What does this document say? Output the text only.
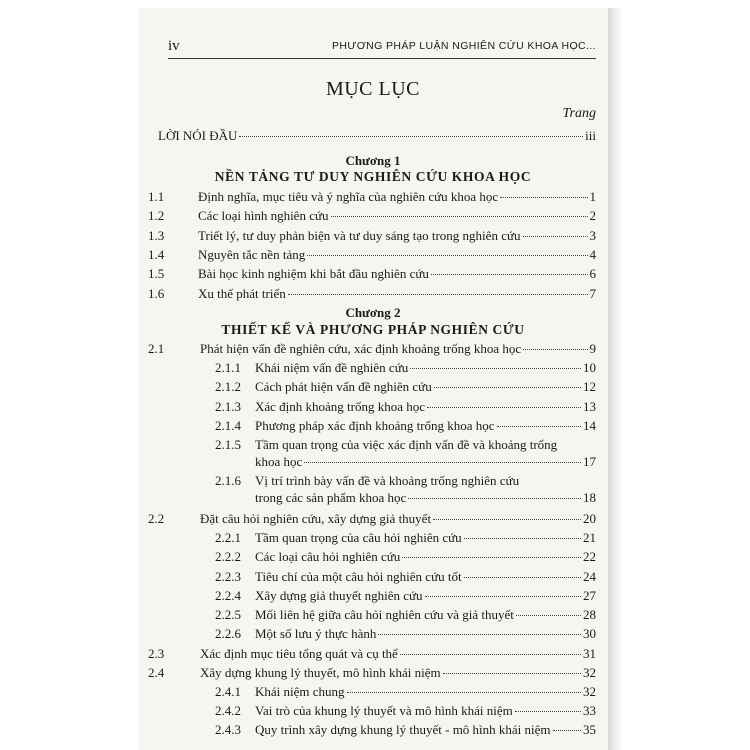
iv	PHƯƠNG PHÁP LUẬN NGHIÊN CỨU KHOA HỌC...
MỤC LỤC
Trang
LỜI NÓI ĐẦU	iii
Chương 1
NỀN TẢNG TƯ DUY NGHIÊN CỨU KHOA HỌC
1.1	Định nghĩa, mục tiêu và ý nghĩa của nghiên cứu khoa học	1
1.2	Các loại hình nghiên cứu	2
1.3	Triết lý, tư duy phản biện và tư duy sáng tạo trong nghiên cứu	3
1.4	Nguyên tắc nền tảng	4
1.5	Bài học kinh nghiệm khi bắt đầu nghiên cứu	6
1.6	Xu thế phát triển	7
Chương 2
THIẾT KẾ VÀ PHƯƠNG PHÁP NGHIÊN CỨU
2.1	Phát hiện vấn đề nghiên cứu, xác định khoảng trống khoa học	9
2.1.1 Khái niệm vấn đề nghiên cứu	10
2.1.2 Cách phát hiện vấn đề nghiên cứu	12
2.1.3 Xác định khoảng trống khoa học	13
2.1.4 Phương pháp xác định khoảng trống khoa học	14
2.1.5 Tầm quan trọng của việc xác định vấn đề và khoảng trống
khoa học	17
2.1.6 Vị trí trình bày vấn đề và khoảng trống nghiên cứu
trong các sản phẩm khoa học	18
2.2	Đặt câu hỏi nghiên cứu, xây dựng giả thuyết	20
2.2.1 Tầm quan trọng của câu hỏi nghiên cứu	21
2.2.2 Các loại câu hỏi nghiên cứu	22
2.2.3 Tiêu chí của một câu hỏi nghiên cứu tốt	24
2.2.4 Xây dựng giả thuyết nghiên cứu	27
2.2.5 Mối liên hệ giữa câu hỏi nghiên cứu và giả thuyết	28
2.2.6 Một số lưu ý thực hành	30
2.3	Xác định mục tiêu tổng quát và cụ thể	31
2.4	Xây dựng khung lý thuyết, mô hình khái niệm	32
2.4.1 Khái niệm chung	32
2.4.2 Vai trò của khung lý thuyết và mô hình khái niệm	33
2.4.3 Quy trình xây dựng khung lý thuyết - mô hình khái niệm 35
